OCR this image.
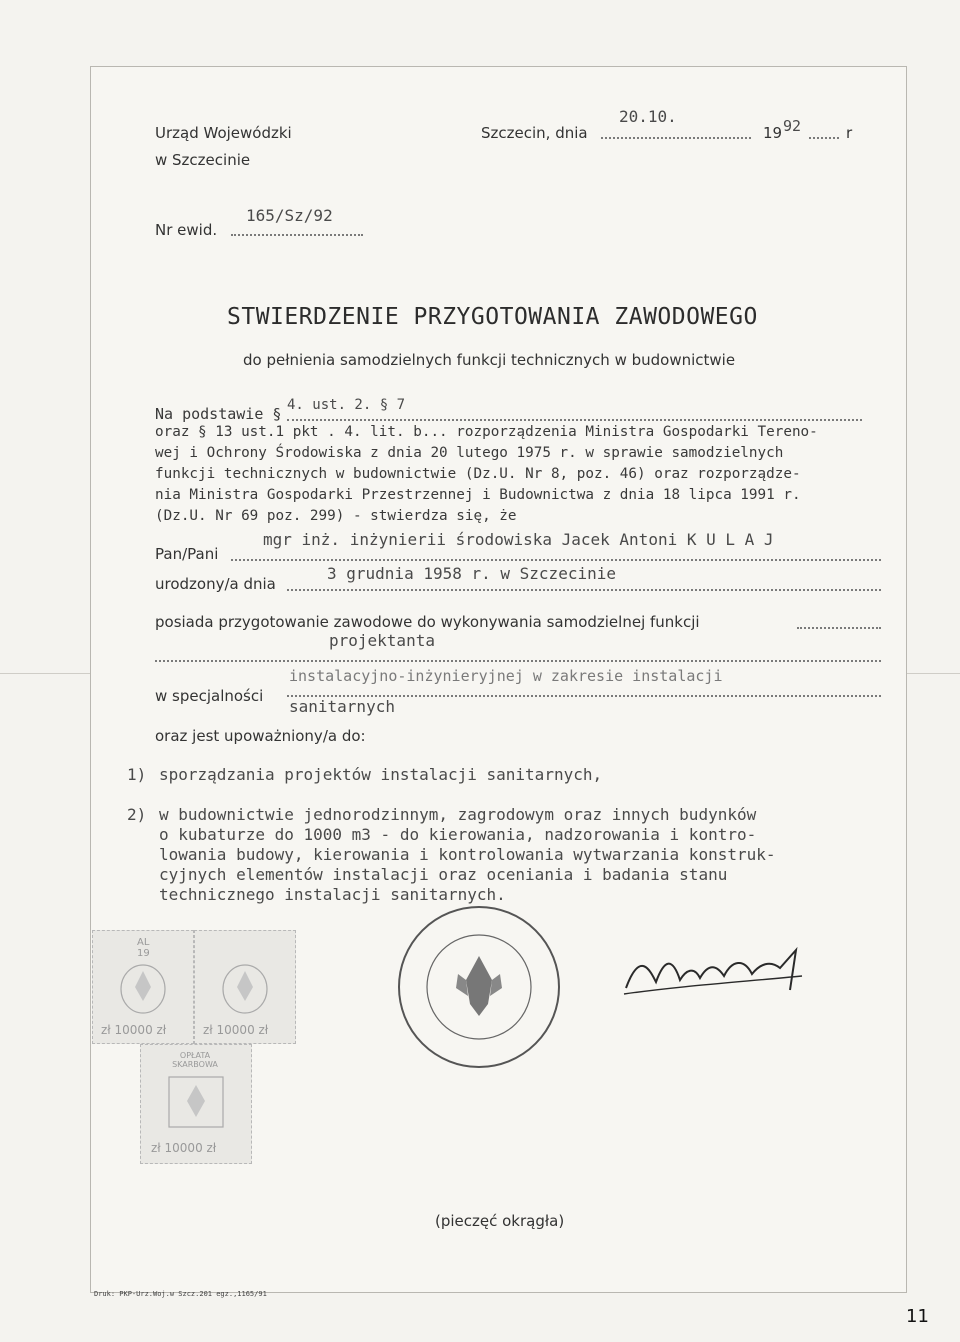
Urząd Wojewódzki
w Szczecinie
Szczecin, dnia
20.10.
19 92	r
Nr ewid.
165/Sz/92
STWIERDZENIE PRZYGOTOWANIA ZAWODOWEGO
do pełnienia samodzielnych funkcji technicznych w budownictwie
Na podstawie § 4. ust. 2. § 7
oraz § 13 ust.1 pkt . 4. lit. b... rozporządzenia Ministra Gospodarki Tereno-
wej i Ochrony Środowiska z dnia 20 lutego 1975 r. w sprawie samodzielnych
funkcji technicznych w budownictwie (Dz.U. Nr 8, poz. 46) oraz rozporządze-
nia Ministra Gospodarki Przestrzennej i Budownictwa z dnia 18 lipca 1991 r.
(Dz.U. Nr 69 poz. 299) - stwierdza się, że
Pan/Pani
mgr inż. inżynierii środowiska Jacek Antoni K U L A J
urodzony/a dnia
3 grudnia 1958 r. w Szczecinie
posiada przygotowanie zawodowe do wykonywania samodzielnej funkcji
projektanta
instalacyjno-inżynieryjnej w zakresie instalacji
w specjalności
sanitarnych
oraz jest upoważniony/a do:
1) sporządzania projektów instalacji sanitarnych,
2) w budownictwie jednorodzinnym, zagrodowym oraz innych budynków
o kubaturze do 1000 m3 - do kierowania, nadzorowania i kontro-
lowania budowy, kierowania i kontrolowania wytwarzania konstruk-
cyjnych elementów instalacji oraz oceniania i badania stanu
technicznego instalacji sanitarnych.
(pieczęć okrągła)
AL 19
zł 10000 zł	zł 10000 zł
OPŁATA SKARBOWA
zł 10000 zł
Druk: PKP-Urz.Woj.w Szcz.201 egz.,1165/91
11
